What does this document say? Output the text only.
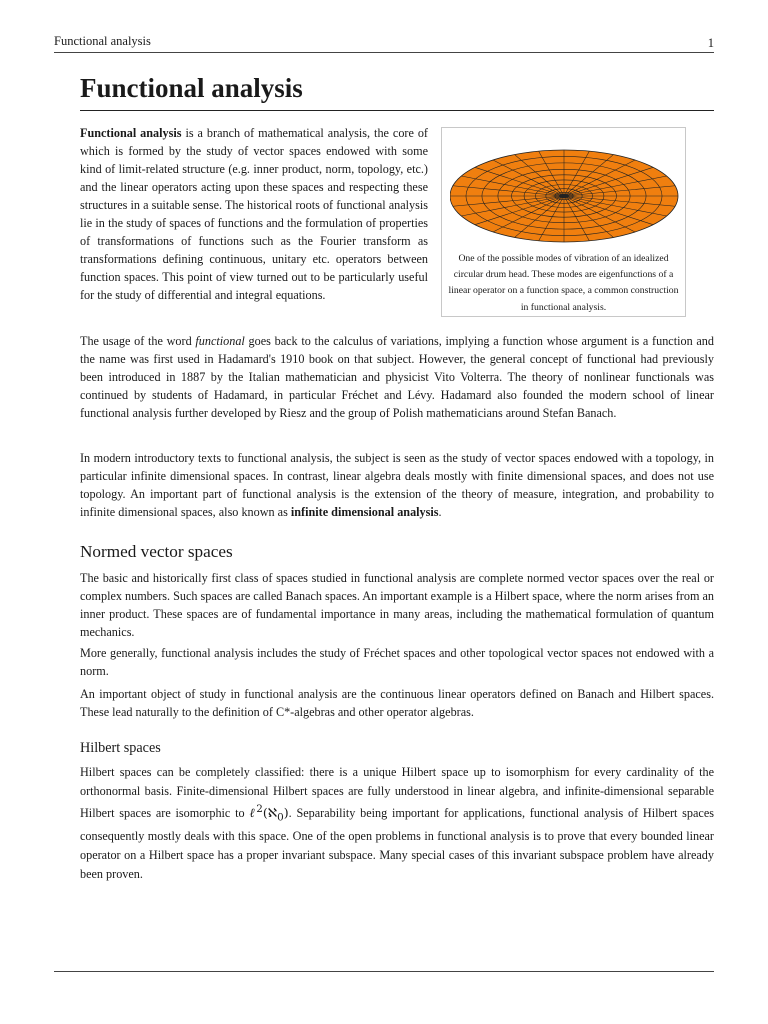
Functional analysis	1
Functional analysis

Functional analysis is a branch of mathematical analysis, the core of which is formed by the study of vector spaces endowed with some kind of limit-related structure (e.g. inner product, norm, topology, etc.) and the linear operators acting upon these spaces and respecting these structures in a suitable sense. The historical roots of functional analysis lie in the study of spaces of functions and the formulation of properties of transformations of functions such as the Fourier transform as transformations defining continuous, unitary etc. operators between function spaces. This point of view turned out to be particularly useful for the study of differential and integral equations.

One of the possible modes of vibration of an idealized circular drum head. These modes are eigenfunctions of a linear operator on a function space, a common construction in functional analysis.

The usage of the word functional goes back to the calculus of variations, implying a function whose argument is a function and the name was first used in Hadamard's 1910 book on that subject. However, the general concept of functional had previously been introduced in 1887 by the Italian mathematician and physicist Vito Volterra. The theory of nonlinear functionals was continued by students of Hadamard, in particular Fréchet and Lévy. Hadamard also founded the modern school of linear functional analysis further developed by Riesz and the group of Polish mathematicians around Stefan Banach.

In modern introductory texts to functional analysis, the subject is seen as the study of vector spaces endowed with a topology, in particular infinite dimensional spaces. In contrast, linear algebra deals mostly with finite dimensional spaces, and does not use topology. An important part of functional analysis is the extension of the theory of measure, integration, and probability to infinite dimensional spaces, also known as infinite dimensional analysis.

Normed vector spaces

The basic and historically first class of spaces studied in functional analysis are complete normed vector spaces over the real or complex numbers. Such spaces are called Banach spaces. An important example is a Hilbert space, where the norm arises from an inner product. These spaces are of fundamental importance in many areas, including the mathematical formulation of quantum mechanics.

More generally, functional analysis includes the study of Fréchet spaces and other topological vector spaces not endowed with a norm.

An important object of study in functional analysis are the continuous linear operators defined on Banach and Hilbert spaces. These lead naturally to the definition of C*-algebras and other operator algebras.

Hilbert spaces

Hilbert spaces can be completely classified: there is a unique Hilbert space up to isomorphism for every cardinality of the orthonormal basis. Finite-dimensional Hilbert spaces are fully understood in linear algebra, and infinite-dimensional separable Hilbert spaces are isomorphic to ℓ$^2$(ℵ$_0$). Separability being important for applications, functional analysis of Hilbert spaces consequently mostly deals with this space. One of the open problems in functional analysis is to prove that every bounded linear operator on a Hilbert space has a proper invariant subspace. Many special cases of this invariant subspace problem have already been proven.
